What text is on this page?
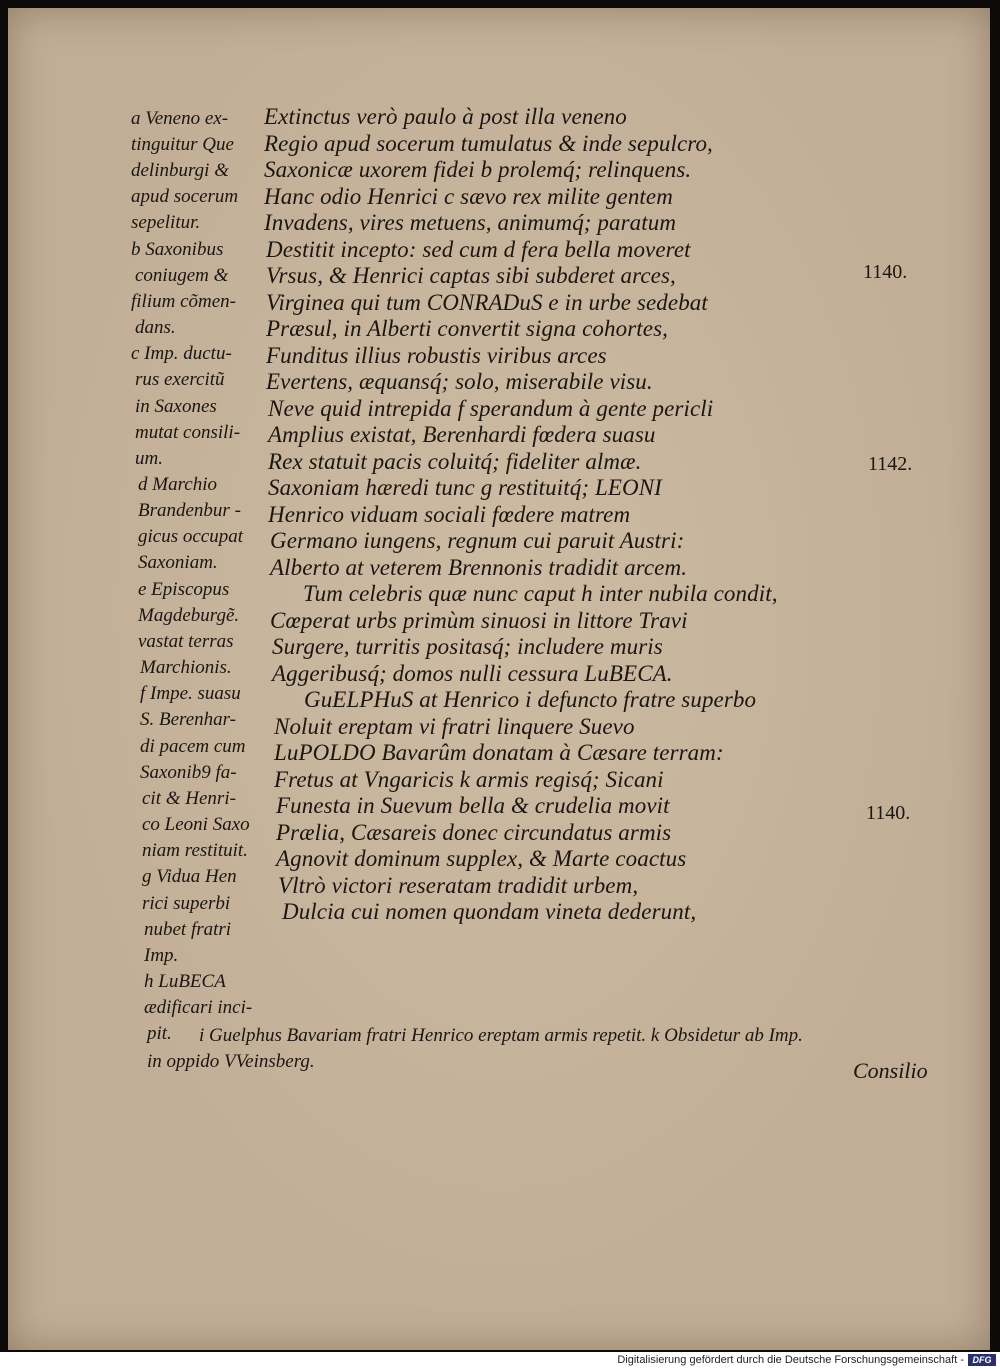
a Veneno ex-
tinguitur Que
delinburgi &
apud socerum
sepelitur.
b Saxonibus
coniugem &
filium cõmen-
dans.
c Imp. ductu-
rus exercitũ
in Saxones
mutat consili-
um.
d Marchio
Brandenbur -
gicus occupat
Saxoniam.
e Episcopus
Magdeburgẽ.
vastat terras
Marchionis.
f Impe. suasu
S. Berenhar-
di pacem cum
Saxonib9 fa-
cit & Henri-
co Leoni Saxo
niam restituit.
g Vidua Hen
rici superbi
nubet fratri
Imp.
h LuBECA
ædificari inci-
pit.
Extinctus verò paulo à post illa veneno
Regio apud socerum tumulatus & inde sepulcro,
Saxonicæ uxorem fidei b prolemq́; relinquens.
Hanc odio Henrici c sævo rex milite gentem
Invadens, vires metuens, animumq́; paratum
Destitit incepto: sed cum d fera bella moveret
Vrsus, & Henrici captas sibi subderet arces,
Virginea qui tum CONRADuS e in urbe sedebat
Præsul, in Alberti convertit signa cohortes,
Funditus illius robustis viribus arces
Evertens, æquansq́; solo, miserabile visu.
Neve quid intrepida f sperandum à gente pericli
Amplius existat, Berenhardi fœdera suasu
Rex statuit pacis coluitq́; fideliter almæ.
Saxoniam hæredi tunc g restituitq́; LEONI
Henrico viduam sociali fœdere matrem
Germano iungens, regnum cui paruit Austri:
Alberto at veterem Brennonis tradidit arcem.
Tum celebris quæ nunc caput h inter nubila condit,
Cœperat urbs primùm sinuosi in littore Travi
Surgere, turritis positasq́; includere muris
Aggeribusq́; domos nulli cessura LuBECA.
GuELPHuS at Henrico i defuncto fratre superbo
Noluit ereptam vi fratri linquere Suevo
LuPOLDO Bavarûm donatam à Cæsare terram:
Fretus at Vngaricis k armis regisq́; Sicani
Funesta in Suevum bella & crudelia movit
Prælia, Cæsareis donec circundatus armis
Agnovit dominum supplex, & Marte coactus
Vltrò victori reseratam tradidit urbem,
Dulcia cui nomen quondam vineta dederunt,
1140.
1142.
1140.
i Guelphus Bavariam fratri Henrico ereptam armis repetit. k Obsidetur ab Imp.
in oppido VVeinsberg.	Consilio
Digitalisierung gefördert durch die Deutsche Forschungsgemeinschaft - DFG
